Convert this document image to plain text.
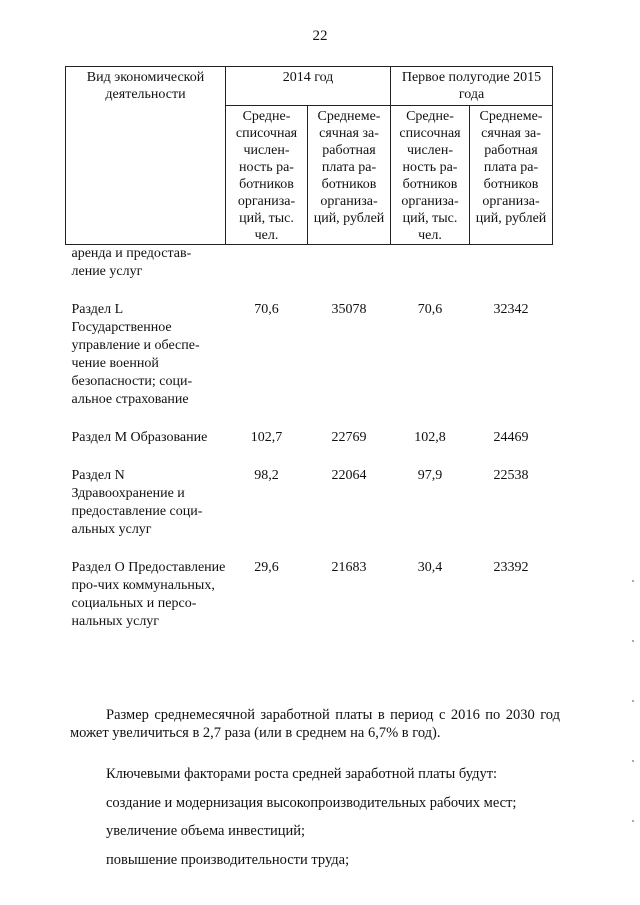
22
Вид экономической деятельности	2014 год		Первое полугодие 2015 года	
	Средне-списочная числен-ность ра-ботников организа-ций, тыс. чел.	Среднеме-сячная за-работная плата ра-ботников организа-ций, рублей	Средне-списочная числен-ность ра-ботников организа-ций, тыс. чел.	Среднеме-сячная за-работная плата ра-ботников организа-ций, рублей
аренда и предостав-ление услуг				

Раздел L Государственное управление и обеспе-чение военной безопасности; соци-альное страхование	70,6	35078	70,6	32342

Раздел M Образование	102,7	22769	102,8	24469

Раздел N Здравоохранение и предоставление соци-альных услуг	98,2	22064	97,9	22538

Раздел O Предоставление про-чих коммунальных, социальных и персо-нальных услуг	29,6	21683	30,4	23392
Размер среднемесячной заработной платы в период с 2016 по 2030 год может увеличиться в 2,7 раза (или в среднем на 6,7% в год).
Ключевыми факторами роста средней заработной платы будут:
создание и модернизация высокопроизводительных рабочих мест;
увеличение объема инвестиций;
повышение производительности труда;
